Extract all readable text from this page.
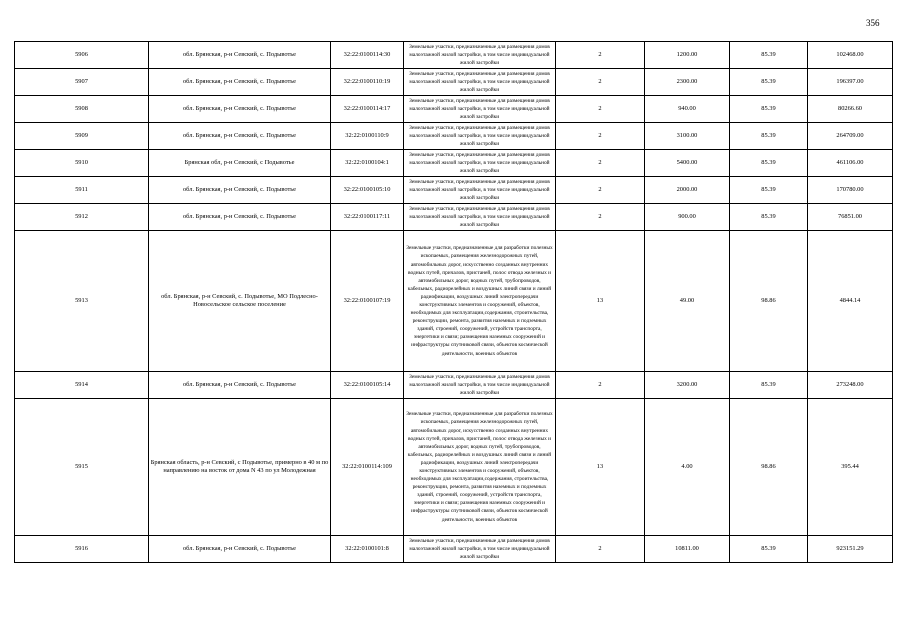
356
5906	обл. Брянская, р-н Севский, с. Подывотье	32:22:0100114:30	Земельные участки, предназначенные для размещения домов малоэтажной жилой застройки, в том числе индивидуальной жилой застройки	2	1200.00	85.39	102468.00
5907	обл. Брянская, р-н Севский, с. Подывотье	32:22:0100110:19	Земельные участки, предназначенные для размещения домов малоэтажной жилой застройки, в том числе индивидуальной жилой застройки	2	2300.00	85.39	196397.00
5908	обл. Брянская, р-н Севский, с. Подывотье	32:22:0100114:17	Земельные участки, предназначенные для размещения домов малоэтажной жилой застройки, в том числе индивидуальной жилой застройки	2	940.00	85.39	80266.60
5909	обл. Брянская, р-н Севский, с. Подывотье	32:22:0100110:9	Земельные участки, предназначенные для размещения домов малоэтажной жилой застройки, в том числе индивидуальной жилой застройки	2	3100.00	85.39	264709.00
5910	Брянская обл, р-н Севский, с Подывотье	32:22:0100104:1	Земельные участки, предназначенные для размещения домов малоэтажной жилой застройки, в том числе индивидуальной жилой застройки	2	5400.00	85.39	461106.00
5911	обл. Брянская, р-н Севский, с. Подывотье	32:22:0100105:10	Земельные участки, предназначенные для размещения домов малоэтажной жилой застройки, в том числе индивидуальной жилой застройки	2	2000.00	85.39	170780.00
5912	обл. Брянская, р-н Севский, с. Подывотье	32:22:0100117:11	Земельные участки, предназначенные для размещения домов малоэтажной жилой застройки, в том числе индивидуальной жилой застройки	2	900.00	85.39	76851.00
5913	обл. Брянская, р-н Севский, с. Подывотье, МО Подлесно-Новосельское сельское поселение	32:22:0100107:19	Земельные участки, предназначенные для разработки полезных ископаемых, размещения железнодорожных путей, автомобильных дорог, искусственно созданных внутренних водных путей, причалов, пристаней, полос отвода железных и автомобильных дорог, водных путей, трубопроводов, кабельных, радиорелейных и воздушных линий связи и линий радиофикации, воздушных линий электропередачи конструктивных элементов и сооружений, объектов, необходимых для эксплуатации,содержания, строительства, реконструкции, ремонта, развития наземных и подземных зданий, строений, сооружений, устройств транспорта, энергетики и связи; размещения наземных сооружений и инфраструктуры спутниковой связи, объектов космической деятельности, военных объектов	13	49.00	98.86	4844.14
5914	обл. Брянская, р-н Севский, с. Подывотье	32:22:0100105:14	Земельные участки, предназначенные для размещения домов малоэтажной жилой застройки, в том числе индивидуальной жилой застройки	2	3200.00	85.39	273248.00
5915	Брянская область, р-н Севский, с Подывотье, примерно в 40 м по направлению на восток от дома N 43 по ул Молодежная	32:22:0100114:109	Земельные участки, предназначенные для разработки полезных ископаемых, размещения железнодорожных путей, автомобильных дорог, искусственно созданных внутренних водных путей, причалов, пристаней, полос отвода железных и автомобильных дорог, водных путей, трубопроводов, кабельных, радиорелейных и воздушных линий связи и линий радиофикации, воздушных линий электропередачи конструктивных элементов и сооружений, объектов, необходимых для эксплуатации,содержания, строительства, реконструкции, ремонта, развития наземных и подземных зданий, строений, сооружений, устройств транспорта, энергетики и связи; размещения наземных сооружений и инфраструктуры спутниковой связи, объектов космической деятельности, военных объектов	13	4.00	98.86	395.44
5916	обл. Брянская, р-н Севский, с. Подывотье	32:22:0100101:8	Земельные участки, предназначенные для размещения домов малоэтажной жилой застройки, в том числе индивидуальной жилой застройки	2	10811.00	85.39	923151.29
